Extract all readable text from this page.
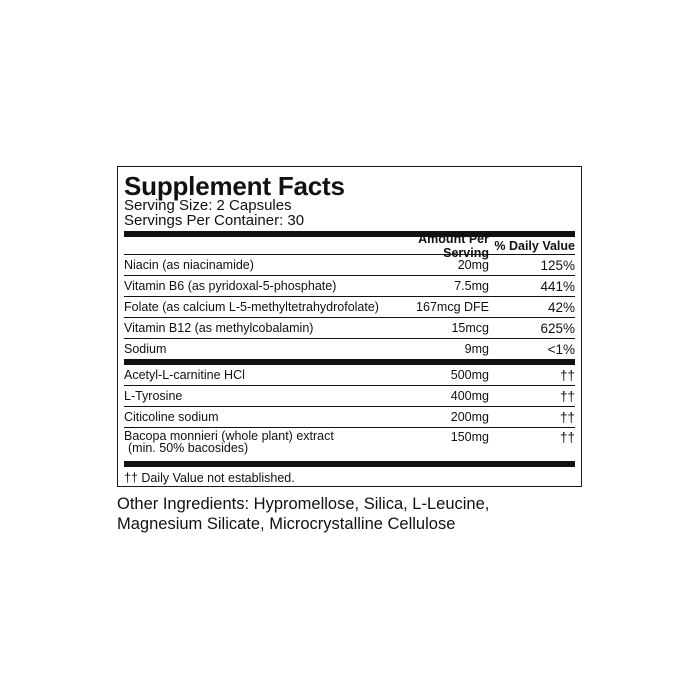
Supplement Facts
Serving Size: 2 Capsules
Servings Per Container: 30
Amount Per Serving % Daily Value
Niacin (as niacinamide)	20mg	125%
Vitamin B6 (as pyridoxal-5-phosphate)	7.5mg	441%
Folate (as calcium L-5-methyltetrahydrofolate)	167mcg DFE	42%
Vitamin B12 (as methylcobalamin)	15mcg	625%
Sodium	9mg	<1%
Acetyl-L-carnitine HCl	500mg	††
L-Tyrosine	400mg	††
Citicoline sodium	200mg	††
Bacopa monnieri (whole plant) extract
(min. 50% bacosides)
150mg	††
†† Daily Value not established.
Other Ingredients: Hypromellose, Silica, L-Leucine, Magnesium Silicate, Microcrystalline Cellulose
